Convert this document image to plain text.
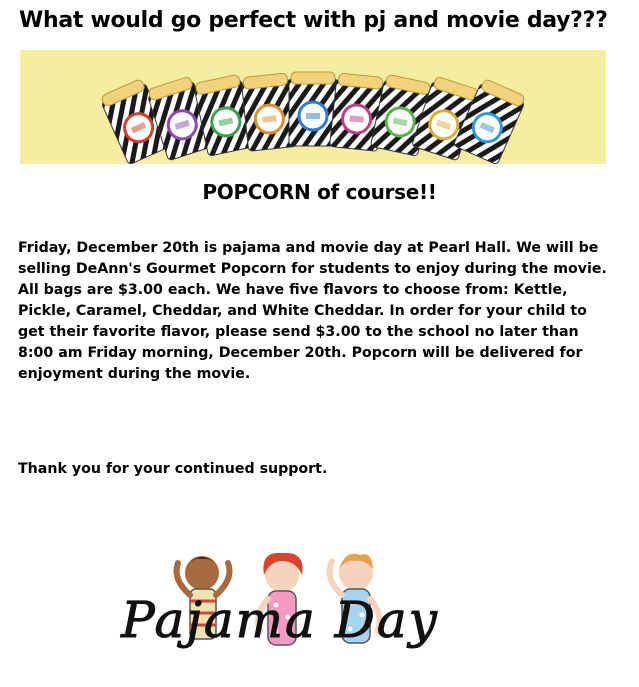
What would go perfect with pj and movie day???
POPCORN of course!!

Friday, December 20th is pajama and movie day at Pearl Hall. We will be selling DeAnn's Gourmet Popcorn for students to enjoy during the movie. All bags are $3.00 each. We have five flavors to choose from: Kettle, Pickle, Caramel, Cheddar, and White Cheddar. In order for your child to get their favorite flavor, please send $3.00 to the school no later than 8:00 am Friday morning, December 20th. Popcorn will be delivered for enjoyment during the movie.

Thank you for your continued support.

Pajama Day
